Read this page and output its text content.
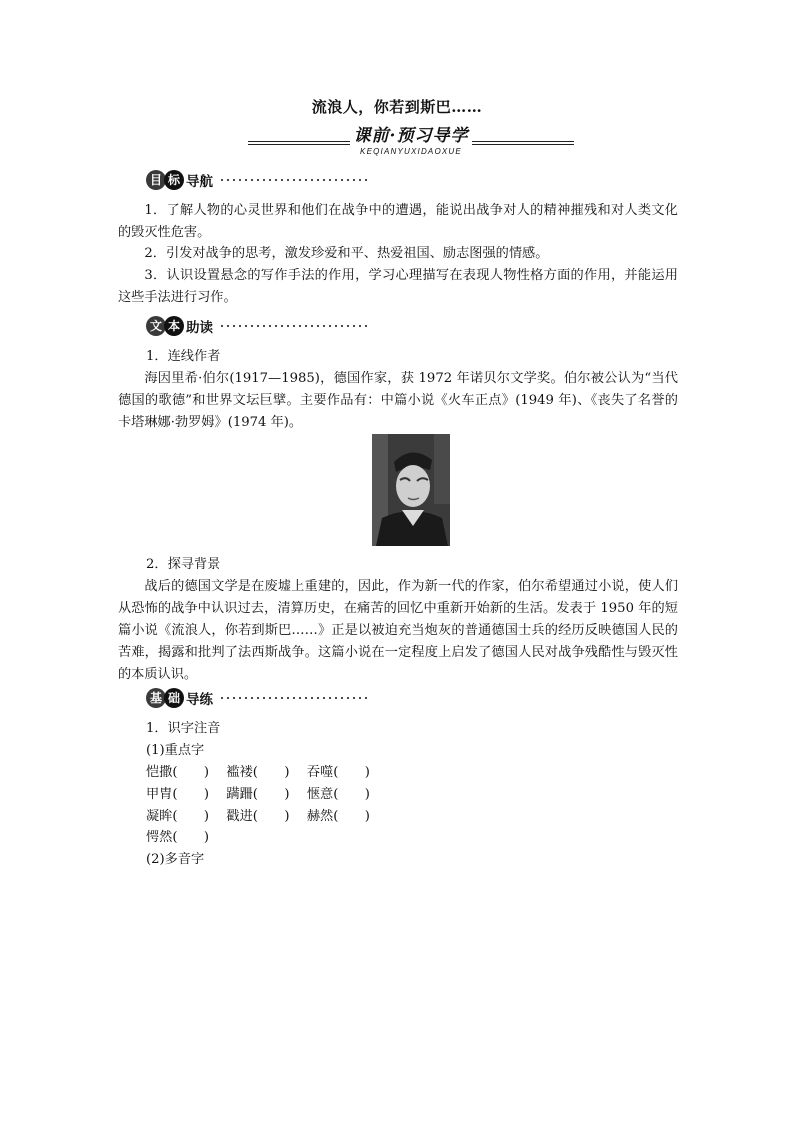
流浪人，你若到斯巴……
课前·预习导学
KEQIANYUXIDAOXUE
目 标 导航

1．了解人物的心灵世界和他们在战争中的遭遇，能说出战争对人的精神摧残和对人类文化的毁灭性危害。

2．引发对战争的思考，激发珍爱和平、热爱祖国、励志图强的情感。

3．认识设置悬念的写作手法的作用，学习心理描写在表现人物性格方面的作用，并能运用这些手法进行习作。

文 本 助读
1．连线作者

海因里希·伯尔(1917—1985)，德国作家，获 1972 年诺贝尔文学奖。伯尔被公认为“当代德国的歌德”和世界文坛巨擘。主要作品有：中篇小说《火车正点》(1949 年)、《丧失了名誉的卡塔琳娜·勃罗姆》(1974 年)。

2．探寻背景

战后的德国文学是在废墟上重建的，因此，作为新一代的作家，伯尔希望通过小说，使人们从恐怖的战争中认识过去，清算历史，在痛苦的回忆中重新开始新的生活。发表于 1950 年的短篇小说《流浪人，你若到斯巴……》正是以被迫充当炮灰的普通德国士兵的经历反映德国人民的苦难，揭露和批判了法西斯战争。这篇小说在一定程度上启发了德国人民对战争残酷性与毁灭性的本质认识。

基 础 导练
1．识字注音
(1)重点字
恺撒(　　)　 褴褛(　　)　 吞噬(　　)
甲胄(　　)　 蹒跚(　　)　 惬意(　　)
凝眸(　　)　 戳进(　　)　 赫然(　　)
愕然(　　)
(2)多音字
